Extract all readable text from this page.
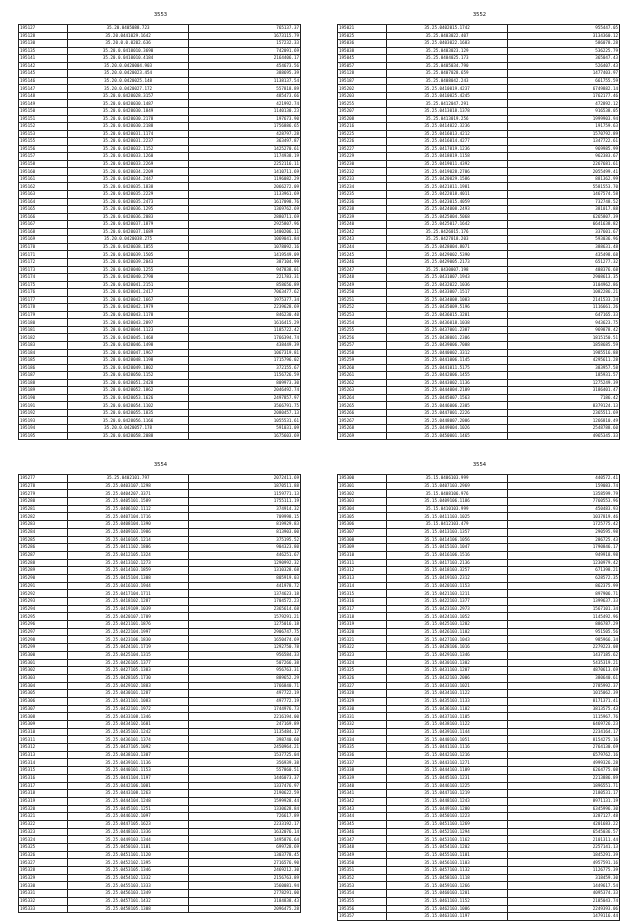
3553
195127	35.20.0405088.723	765137.37
195128	35.20.0441029.1642	1673115.79
195130	35.20.0.0.0202.636	157232.33
195135	35.20.0.0410010.3690	742091.69
195141	35.20.0.0410010.4184	2164406.17
195142	35.20.0.0420004.903	454673.56
195145	35.20.0.0420023.454	388695.39
195146	35.20.0.0420025.148	1138137.54
195147	35.20.0.0420027.172	557818.89
195148	35.20.0.0420028.3157	485473.66
195149	35.20.0.0420030.1487	421992.74
195150	35.20.0.0420030.1849	1140130.23
195151	35.20.0.0420030.2178	197673.90
195152	35.20.0.0420030.2188	1756886.65
195153	35.20.0.0420031.1174	428797.28
195155	35.20.0.0420031.2237	363497.87
195156	35.20.0.0420032.1152	1425270.61
195157	35.20.0.0420033.1260	1174938.19
195158	35.20.0.0420033.2269	2252116.11
195160	35.20.0.0420034.2209	1410711.69
195161	35.20.0.0420034.2447	1196082.29
195162	35.20.0.0420035.1838	2066272.09
195163	35.20.0.0420035.2229	1133961.69
195164	35.20.0.0420035.2473	1617098.76
195165	35.20.0.0420036.1295	1369762.69
195166	35.20.0.0420036.2083	2880711.69
195167	35.20.0.0420037.1879	2925807.96
195168	35.20.0.0420037.1689	1400206.11
195169	35.20.0.0420038.275	1069041.84
195170	35.20.0.0420038.1055	1078092.16
195171	35.20.0.0420039.1505	1419549.09
195172	35.20.0.0420039.2043	387104.99
195173	35.20.0.0420040.1255	947838.01
195174	35.20.0.0420040.2790	221783.31
195175	35.20.0.0420041.2151	858656.89
195176	35.20.0.0420041.2417	7063477.62
195177	35.20.0.0420042.1667	1975377.34
195178	35.20.0.0420042.1979	2239628.69
195179	35.20.0.0420043.1178	846230.40
195180	35.20.0.0420043.2897	1616415.29
195181	35.20.0.0420044.1123	1185722.42
195182	35.20.0.0420045.1468	1766394.74
195183	35.20.0.0420046.1498	438449.39
195184	35.20.0.0420047.1967	1067319.81
195185	35.20.0.0420048.1198	1715796.02
195186	35.20.0.0420049.1802	372155.67
195187	35.20.0.0420050.1152	1156726.59
195188	35.20.0.0420051.2428	809973.30
195189	35.20.0.0420052.1862	2046492.74
195190	35.20.0.0420053.1626	2497857.97
195191	35.20.0.0420054.1102	3566791.75
195192	35.20.0.0420055.1835	2080457.13
195193	35.20.0.0420056.1166	1055531.61
195194	35.20.0.0420057.178	591031.09
195195	35.20.0.0420058.2088	1675603.69
3552
195021	35.25.0402015.1742	955447.05
195025	35.25.0403022.407	3134360.12
195036	35.25.0403022.1683	586078.28
195038	35.25.0403023.129	536225.79
195045	35.25.0404025.173	365047.43
195057	35.25.0405034.790	526407.43
195128	35.25.0407028.659	1477403.97
195187	35.25.0408042.243	661755.59
195202	35.25.0410019.4237	6749882.14
195203	35.25.0410025.4245	1762177.46
195255	35.25.0412047.291	472892.12
195207	35.25.0413018.1378	916538.05
195208	35.25.0413019.256	1999903.94
195216	35.25.0414022.3236	191759.63
195225	35.25.0416013.4212	1570792.89
195226	35.25.0416014.4277	1347722.61
195227	35.25.0417019.1236	969985.99
195229	35.25.0418019.1158	962383.67
195230	35.25.0419011.4392	2267681.61
195232	35.25.0419028.2706	2055499.41
195233	35.25.0420029.1586	881362.99
195234	35.25.0421011.1981	5581553.70
195235	35.25.0422018.4011	1467574.58
195236	35.25.0423015.4059	732748.52
195238	35.25.0424008.2493	381017.88
195239	35.25.0425004.5068	6265807.39
195240	35.25.0425017.1642	6641638.82
195242	35.25.0426015.176	337601.67
195243	35.25.0427018.203	593036.96
195244	35.25.0428004.8071	388631.48
195245	35.25.0429002.5390	435498.68
195246	35.25.0429005.2173	651277.32
195247	35.25.0430007.198	488376.68
195248	35.25.0431007.1943	2908613.35
195249	35.25.0432022.1036	3104962.86
195250	35.25.0433007.1517	1082286.21
195251	35.25.0434008.1083	2141533.24
195252	35.25.0435009.5196	1116661.26
195253	35.25.0436015.3201	647165.33
195254	35.25.0436018.1038	943623.75
195255	35.25.0437001.2387	969878.42
195256	35.25.0438001.2306	1815150.51
195257	35.25.0439006.7008	1858685.59
195258	35.25.0440002.3312	1985516.88
195259	35.25.0441006.1145	4295611.28
195260	35.25.0441011.5175	383957.58
195261	35.25.0442006.1455	185931.57
195262	35.25.0443002.1136	1275249.39
195263	35.25.0444004.2109	3186401.47
195264	35.25.0445007.1563	7186.42
195265	35.25.0446006.2305	8379124.13
195266	35.25.0447001.2226	2365511.69
195267	35.25.0448007.2006	1266810.49
195268	35.25.0449004.1026	2548788.60
195269	35.25.0450001.1465	4965345.33
3554
195277	35.25.0402101.797	2072411.69
195278	35.25.0403107.1298	1870511.88
195279	35.25.0404207.3371	1159771.13
195280	35.25.0405101.1589	1755111.19
195281	35.25.0406102.1112	374914.32
195282	35.25.0407104.1716	709998.15
195283	35.25.0408104.1390	819929.83
195284	35.25.0409103.1986	813903.00
195285	35.25.0410105.1214	375195.52
195286	35.25.0411102.1806	904323.80
195287	35.25.0412105.1324	446251.67
195288	35.25.0413102.1273	1290992.32
195289	35.25.0414103.1859	1310328.68
195290	35.25.0415104.1308	805919.03
195291	35.25.0416103.1944	441978.72
195292	35.25.0417104.1711	1374623.18
195293	35.25.0418102.1287	1704572.23
195294	35.25.0419109.1039	2365614.68
195295	35.25.0420107.1709	1579291.21
195296	35.25.0421101.1876	1275016.18
195297	35.25.0422104.1997	2906747.75
195298	35.25.0423106.1830	1650474.69
195299	35.25.0424101.1719	1292750.78
195300	35.25.0425104.1315	956584.33
195301	35.25.0426105.1377	507266.38
195302	35.25.0427105.1383	956763.31
195303	35.25.0428105.1730	889652.29
195304	35.25.0429102.1883	1766840.71
195305	35.25.0430101.1287	497722.19
195306	35.25.0431101.1083	497772.19
195307	35.25.0432101.1972	1744976.73
195308	35.25.0433108.1346	2216194.00
195309	35.25.0434102.1601	247169.89
195310	35.25.0435103.1242	1135484.17
195311	35.25.0436101.1374	398740.60
195312	35.25.0437105.1092	2450964.21
195313	35.25.0438103.1307	1537725.04
195314	35.25.0439101.1136	356939.38
195315	35.25.0440101.1153	557860.51
195316	35.25.0441104.1197	1446073.37
195317	35.25.0442106.1081	1337476.97
195318	35.25.0443108.1263	2190622.59
195319	35.25.0444104.1248	1599928.44
195320	35.25.0445101.1251	1330628.84
195321	35.25.0446102.1097	726617.89
195322	35.25.0447105.1623	2233192.17
195323	35.25.0448103.1336	1632076.14
195324	35.25.0449103.1344	1495876.64
195325	35.25.0450103.1101	699728.69
195326	35.25.0451101.1120	1303778.45
195327	35.25.0452102.1395	2716576.90
195328	35.25.0453105.1346	2469212.30
195329	35.25.0454102.1332	2156763.89
195330	35.25.0455103.1333	1560081.94
195331	35.25.0456103.1349	2778291.00
195332	35.25.0457101.1432	3184838.43
195333	35.25.0458105.1308	2096475.28
3554
195300	35.15.0406103.999	440572.41
195301	35.15.0407103.2969	159083.74
195302	35.15.0408106.976	1358599.79
195303	35.15.0409106.1186	7760553.96
195304	35.15.0410103.999	450483.93
195305	35.15.0411103.1025	1037819.46
195306	35.15.0412103.479	1725775.42
195307	35.15.0413103.1357	290595.98
195308	35.15.0414106.1056	286725.43
195309	35.15.0415103.1047	1790846.17
195310	35.15.0416106.1516	949918.98
195311	35.15.0417103.2136	1230979.42
195312	35.15.0418103.3257	671398.21
195313	35.15.0419103.2312	628572.35
195314	35.15.0420103.1153	862375.99
195315	35.15.0421103.1211	897906.71
195316	35.15.0422103.1377	1399637.33
195317	35.15.0423103.2973	1567101.34
195318	35.15.0424103.1052	1145492.96
195319	35.15.0425103.1202	886787.29
195320	35.15.0426103.1102	951505.56
195321	35.15.0427103.1043	985966.34
195322	35.15.0428106.1016	2279223.08
195323	35.15.0429103.1346	1437185.62
195324	35.15.0430103.1302	5435319.21
195325	35.15.0431103.1207	4870613.69
195326	35.15.0432103.2006	380640.61
195327	35.15.0433103.1021	2785992.37
195328	35.15.0434103.1122	1015062.39
195329	35.15.0435103.1133	8171371.41
195330	35.15.0436103.1102	3813575.43
195331	35.15.0437103.1105	1115967.76
195332	35.15.0438103.1122	6469726.23
195333	35.15.0439103.1144	2234164.17
195334	35.15.0440103.1051	8154275.16
195335	35.15.0441103.1116	2764130.69
195336	35.15.0442103.1216	6579762.16
195337	35.15.0443103.1271	4999326.28
195338	35.15.0444103.1109	6264775.08
195339	35.15.0445103.1231	2213886.89
195340	35.15.0446103.1225	1896551.71
195341	35.15.0447103.1219	2180531.17
195342	35.15.0448103.1243	8971131.19
195343	35.15.0449103.1200	6345996.30
195344	35.15.0450103.1223	3287127.48
195345	35.15.0451103.1269	4201683.22
195346	35.15.0452103.1294	6545036.57
195347	35.15.0453103.1162	2101311.44
195348	35.15.0454103.1202	2257141.13
195349	35.15.0455103.1101	1845291.39
195350	35.15.0456103.1103	4957591.16
195351	35.15.0457103.1132	1126775.39
195352	35.15.0458103.1118	318459.30
195353	35.15.0459103.1266	1449617.54
195354	35.15.0460103.1201	4095374.33
195355	35.15.0461103.1152	2185043.74
195356	35.15.0462103.1006	2249393.06
195357	35.15.0463103.1197	1479116.44
